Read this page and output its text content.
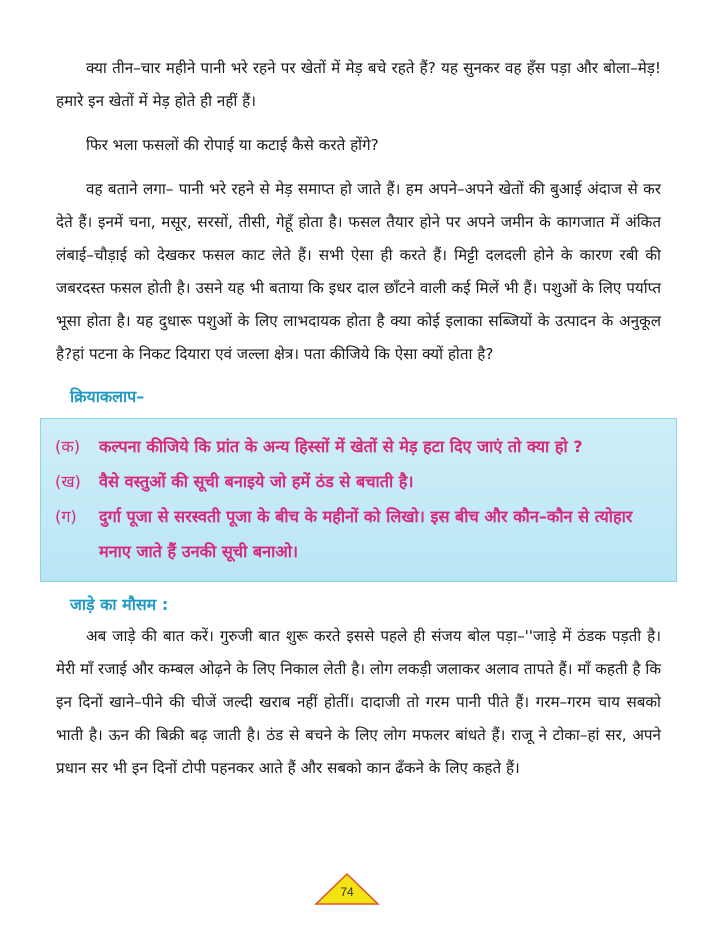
क्या तीन–चार महीने पानी भरे रहने पर खेतों में मेड़ बचे रहते हैं? यह सुनकर वह हँस पड़ा और बोला–मेड़! हमारे इन खेतों में मेड़ होते ही नहीं हैं।

फिर भला फसलों की रोपाई या कटाई कैसे करते होंगे?

वह बताने लगा– पानी भरे रहने से मेड़ समाप्त हो जाते हैं। हम अपने–अपने खेतों की बुआई अंदाज से कर देते हैं। इनमें चना, मसूर, सरसों, तीसी, गेहूँ होता है। फसल तैयार होने पर अपने जमीन के कागजात में अंकित लंबाई–चौड़ाई को देखकर फसल काट लेते हैं। सभी ऐसा ही करते हैं। मिट्टी दलदली होने के कारण रबी की जबरदस्त फसल होती है। उसने यह भी बताया कि इधर दाल छाँटने वाली कई मिलें भी हैं। पशुओं के लिए पर्याप्त भूसा होता है। यह दुधारू पशुओं के लिए लाभदायक होता है क्या कोई इलाका सब्जियों के उत्पादन के अनुकूल है?हां पटना के निकट दियारा एवं जल्ला क्षेत्र। पता कीजिये कि ऐसा क्यों होता है?

क्रियाकलाप–
(क)	कल्पना कीजिये कि प्रांत के अन्य हिस्सों में खेतों से मेड़ हटा दिए जाएं तो क्या हो ?
(ख)	वैसे वस्तुओं की सूची बनाइये जो हमें ठंड से बचाती है।
(ग)	दुर्गा पूजा से सरस्वती पूजा के बीच के महीनों को लिखो। इस बीच और कौन–कौन से त्योहार मनाए जाते हैं उनकी सूची बनाओ।
जाड़े का मौसम :

अब जाड़े की बात करें। गुरुजी बात शुरू करते इससे पहले ही संजय बोल पड़ा–''जाड़े में ठंडक पड़ती है। मेरी माँ रजाई और कम्बल ओढ़ने के लिए निकाल लेती है। लोग लकड़ी जलाकर अलाव तापते हैं। माँ कहती है कि इन दिनों खाने–पीने की चीजें जल्दी खराब नहीं होतीं। दादाजी तो गरम पानी पीते हैं। गरम–गरम चाय सबको भाती है। ऊन की बिक्री बढ़ जाती है। ठंड से बचने के लिए लोग मफलर बांधते हैं। राजू ने टोका–हां सर, अपने प्रधान सर भी इन दिनों टोपी पहनकर आते हैं और सबको कान ढँकने के लिए कहते हैं।

74
